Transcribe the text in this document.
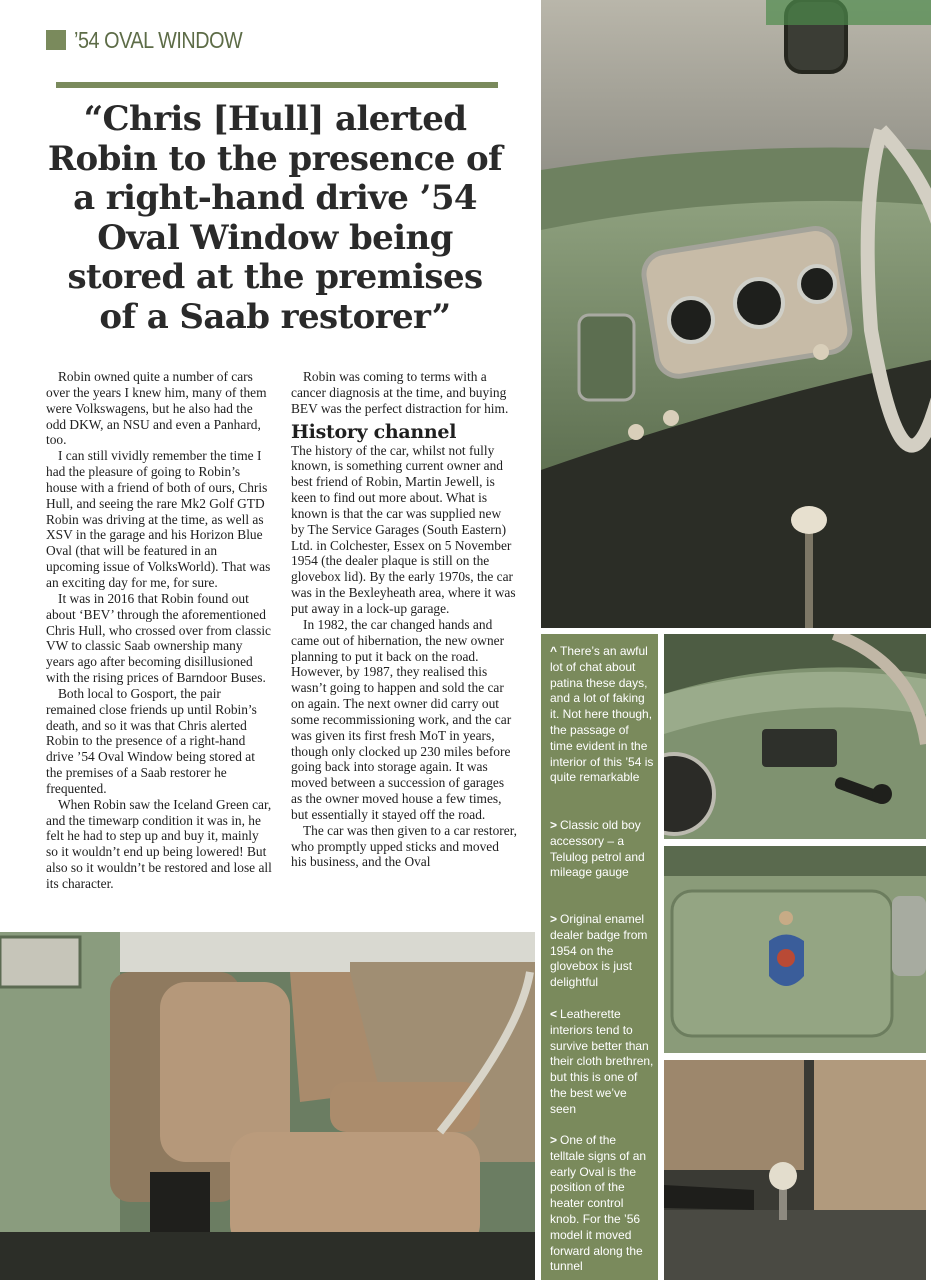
’54 OVAL WINDOW
“Chris [Hull] alerted
Robin to the presence of
a right-hand drive ’54
Oval Window being
stored at the premises
of a Saab restorer”

Robin owned quite a number of cars over the years I knew him, many of them were Volkswagens, but he also had the odd DKW, an NSU and even a Panhard, too.

I can still vividly remember the time I had the pleasure of going to Robin’s house with a friend of both of ours, Chris Hull, and seeing the rare Mk2 Golf GTD Robin was driving at the time, as well as XSV in the garage and his Horizon Blue Oval (that will be featured in an upcoming issue of VolksWorld). That was an exciting day for me, for sure.

It was in 2016 that Robin found out about ‘BEV’ through the aforementioned Chris Hull, who crossed over from classic VW to classic Saab ownership many years ago after becoming disillusioned with the rising prices of Barndoor Buses.

Both local to Gosport, the pair remained close friends up until Robin’s death, and so it was that Chris alerted Robin to the presence of a right-hand drive ’54 Oval Window being stored at the premises of a Saab restorer he frequented.

When Robin saw the Iceland Green car, and the timewarp condition it was in, he felt he had to step up and buy it, mainly so it wouldn’t end up being lowered! But also so it wouldn’t be restored and lose all its character.

Robin was coming to terms with a cancer diagnosis at the time, and buying BEV was the perfect distraction for him.

History channel

The history of the car, whilst not fully known, is something current owner and best friend of Robin, Martin Jewell, is keen to find out more about. What is known is that the car was supplied new by The Service Garages (South Eastern) Ltd. in Colchester, Essex on 5 November 1954 (the dealer plaque is still on the glovebox lid). By the early 1970s, the car was in the Bexleyheath area, where it was put away in a lock-up garage.

In 1982, the car changed hands and came out of hibernation, the new owner planning to put it back on the road. However, by 1987, they realised this wasn’t going to happen and sold the car on again. The next owner did carry out some recommissioning work, and the car was given its first fresh MoT in years, though only clocked up 230 miles before going back into storage again. It was moved between a succession of garages as the owner moved house a few times, but essentially it stayed off the road.

The car was then given to a car restorer, who promptly upped sticks and moved his business, and the Oval

^ There’s an awful lot of chat about patina these days, and a lot of faking it. Not here though, the passage of time evident in the interior of this ’54 is quite remarkable
> Classic old boy accessory – a Telulog petrol and mileage gauge
> Original enamel dealer badge from 1954 on the glovebox is just delightful
< Leatherette interiors tend to survive better than their cloth brethren, but this is one of the best we’ve seen
> One of the telltale signs of an early Oval is the position of the heater control knob. For the ’56 model it moved forward along the tunnel
